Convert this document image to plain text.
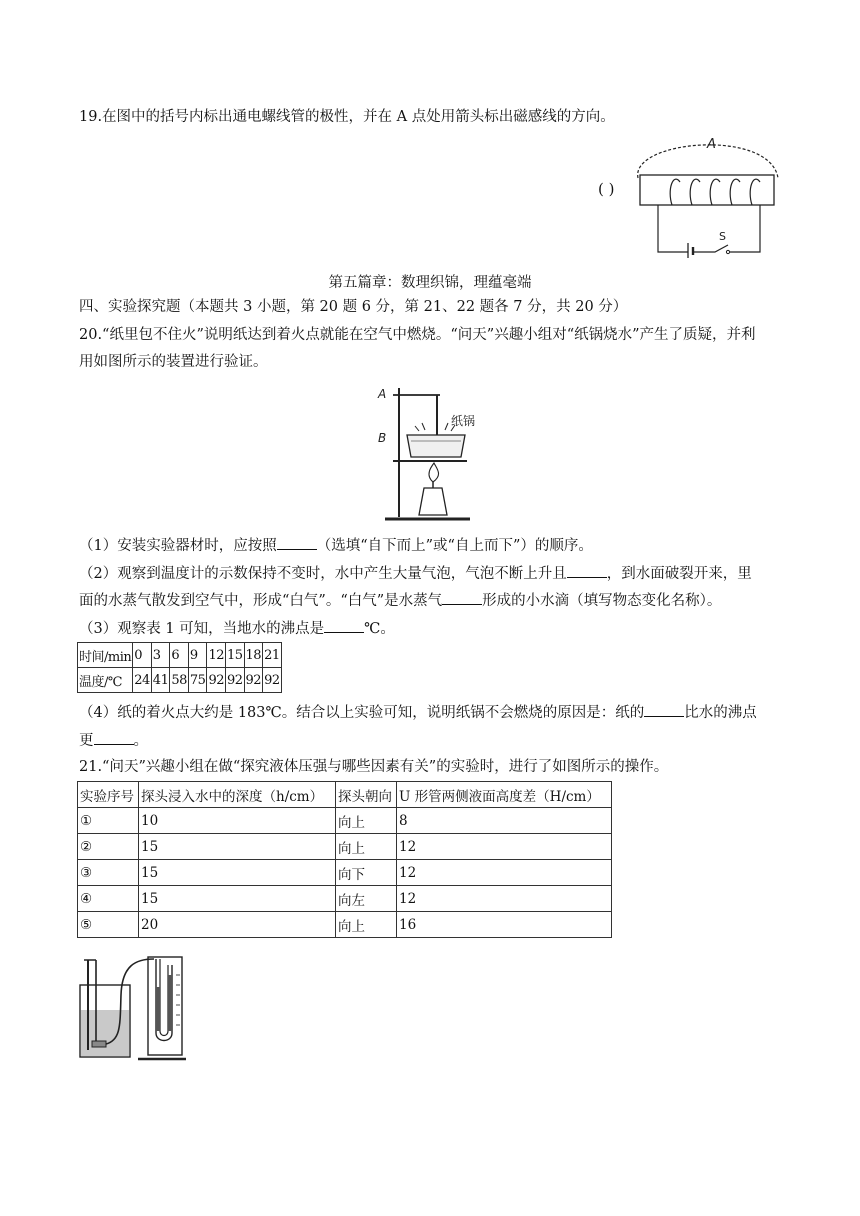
19.在图中的括号内标出通电螺线管的极性，并在 A 点处用箭头标出磁感线的方向。
( )
A
S
第五篇章：数理织锦，理蕴毫端
四、实验探究题（本题共 3 小题，第 20 题 6 分，第 21、22 题各 7 分，共 20 分）
20.“纸里包不住火”说明纸达到着火点就能在空气中燃烧。“问天”兴趣小组对“纸锅烧水”产生了质疑，并利
用如图所示的装置进行验证。
A
B
纸锅
（1）安装实验器材时，应按照	（选填“自下而上”或“自上而下”）的顺序。
（2）观察到温度计的示数保持不变时，水中产生大量气泡，气泡不断上升且	，到水面破裂开来，里
面的水蒸气散发到空气中，形成“白气”。“白气”是水蒸气	形成的小水滴（填写物态变化名称）。
（3）观察表 1 可知，当地水的沸点是	℃。
时间/min	0	3	6	9	12	15	18	21
温度/℃	24	41	58	75	92	92	92	92
（4）纸的着火点大约是 183℃。结合以上实验可知，说明纸锅不会燃烧的原因是：纸的	比水的沸点
更	。
21.“问天”兴趣小组在做“探究液体压强与哪些因素有关”的实验时，进行了如图所示的操作。
实验序号	探头浸入水中的深度（h/cm）	探头朝向	U 形管两侧液面高度差（H/cm）
①	10	向上	8
②	15	向上	12
③	15	向下	12
④	15	向左	12
⑤	20	向上	16
